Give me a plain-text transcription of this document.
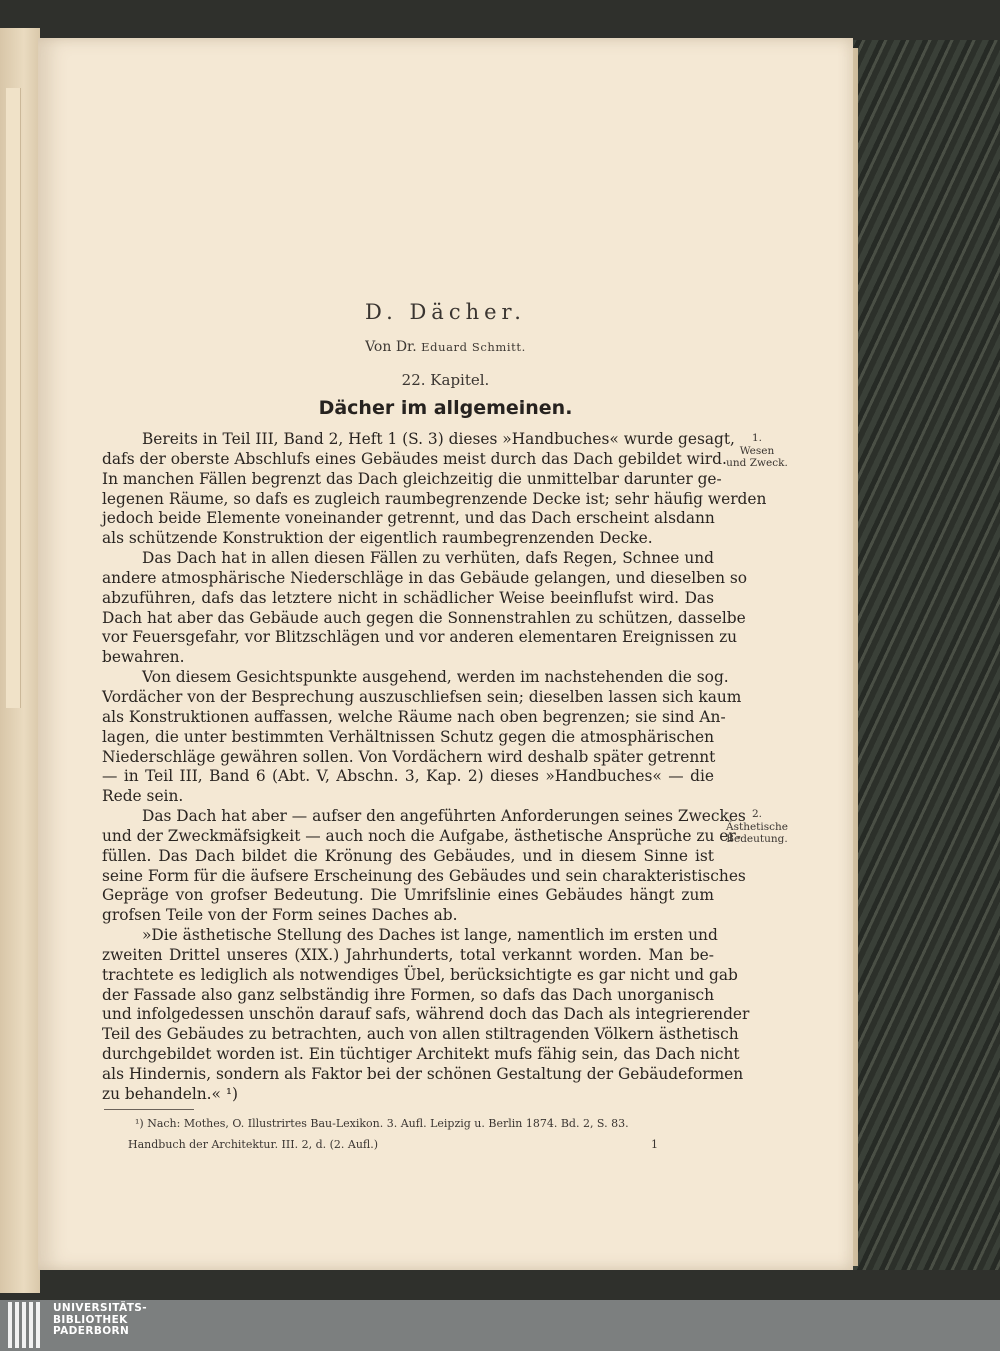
D. Dächer.
Von Dr. Eduard Schmitt.
22. Kapitel.
Dächer im allgemeinen.
Bereits in Teil III, Band 2, Heft 1 (S. 3) dieses »Handbuches« wurde gesagt,
dafs der oberste Abschlufs eines Gebäudes meist durch das Dach gebildet wird.
In manchen Fällen begrenzt das Dach gleichzeitig die unmittelbar darunter ge-
legenen Räume, so dafs es zugleich raumbegrenzende Decke ist; sehr häufig werden
jedoch beide Elemente voneinander getrennt, und das Dach erscheint alsdann
als schützende Konstruktion der eigentlich raumbegrenzenden Decke.
Das Dach hat in allen diesen Fällen zu verhüten, dafs Regen, Schnee und
andere atmosphärische Niederschläge in das Gebäude gelangen, und dieselben so
abzuführen, dafs das letztere nicht in schädlicher Weise beeinflufst wird. Das
Dach hat aber das Gebäude auch gegen die Sonnenstrahlen zu schützen, dasselbe
vor Feuersgefahr, vor Blitzschlägen und vor anderen elementaren Ereignissen zu
bewahren.
Von diesem Gesichtspunkte ausgehend, werden im nachstehenden die sog.
Vordächer von der Besprechung auszuschliefsen sein; dieselben lassen sich kaum
als Konstruktionen auffassen, welche Räume nach oben begrenzen; sie sind An-
lagen, die unter bestimmten Verhältnissen Schutz gegen die atmosphärischen
Niederschläge gewähren sollen. Von Vordächern wird deshalb später getrennt
— in Teil III, Band 6 (Abt. V, Abschn. 3, Kap. 2) dieses »Handbuches« — die
Rede sein.
Das Dach hat aber — aufser den angeführten Anforderungen seines Zweckes
und der Zweckmäfsigkeit — auch noch die Aufgabe, ästhetische Ansprüche zu er-
füllen. Das Dach bildet die Krönung des Gebäudes, und in diesem Sinne ist
seine Form für die äufsere Erscheinung des Gebäudes und sein charakteristisches
Gepräge von grofser Bedeutung. Die Umrifslinie eines Gebäudes hängt zum
grofsen Teile von der Form seines Daches ab.
»Die ästhetische Stellung des Daches ist lange, namentlich im ersten und
zweiten Drittel unseres (XIX.) Jahrhunderts, total verkannt worden. Man be-
trachtete es lediglich als notwendiges Übel, berücksichtigte es gar nicht und gab
der Fassade also ganz selbständig ihre Formen, so dafs das Dach unorganisch
und infolgedessen unschön darauf safs, während doch das Dach als integrierender
Teil des Gebäudes zu betrachten, auch von allen stiltragenden Völkern ästhetisch
durchgebildet worden ist. Ein tüchtiger Architekt mufs fähig sein, das Dach nicht
als Hindernis, sondern als Faktor bei der schönen Gestaltung der Gebäudeformen
zu behandeln.« ¹)
1.
Wesen
und Zweck.
2.
Ästhetische
Bedeutung.
¹) Nach: Mothes, O. Illustrirtes Bau-Lexikon. 3. Aufl. Leipzig u. Berlin 1874. Bd. 2, S. 83.
Handbuch der Architektur. III. 2, d. (2. Aufl.)	1
UNIVERSITÄTS-
BIBLIOTHEK
PADERBORN
